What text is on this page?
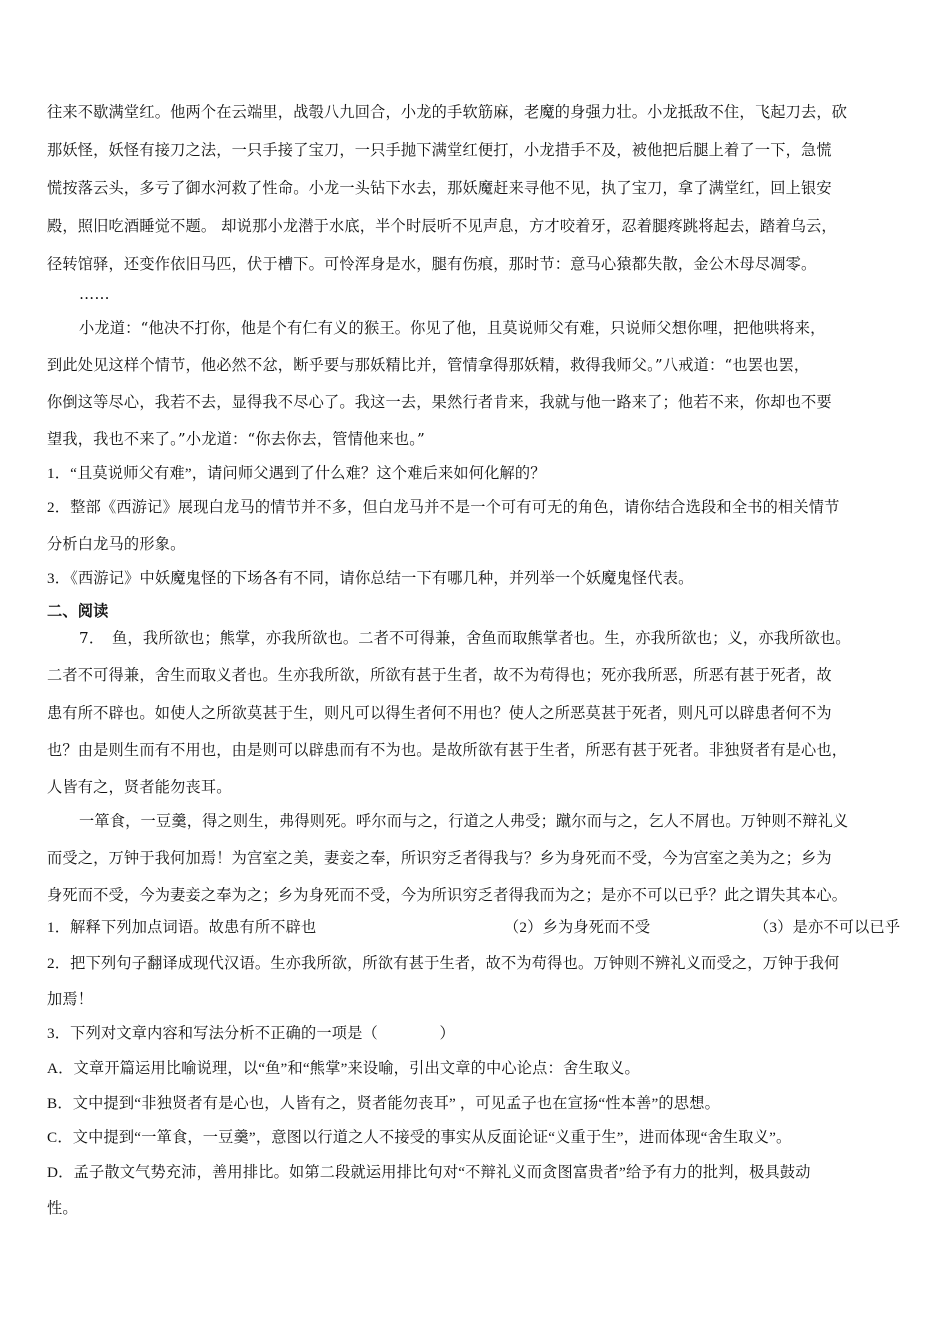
往来不歇满堂红。他两个在云端里，战彀八九回合，小龙的手软筋麻，老魔的身强力壮。小龙抵敌不住，飞起刀去，砍

那妖怪，妖怪有接刀之法，一只手接了宝刀，一只手抛下满堂红便打，小龙措手不及，被他把后腿上着了一下，急慌

慌按落云头，多亏了御水河救了性命。小龙一头钻下水去，那妖魔赶来寻他不见，执了宝刀，拿了满堂红，回上银安

殿，照旧吃酒睡觉不题。 却说那小龙潜于水底，半个时辰听不见声息，方才咬着牙，忍着腿疼跳将起去，踏着乌云，

径转馆驿，还变作依旧马匹，伏于槽下。可怜浑身是水，腿有伤痕，那时节：意马心猿都失散，金公木母尽凋零。

……

小龙道：“他决不打你，他是个有仁有义的猴王。你见了他，且莫说师父有难，只说师父想你哩，把他哄将来，

到此处见这样个情节，他必然不忿，断乎要与那妖精比并，管情拿得那妖精，救得我师父。”八戒道：“也罢也罢，

你倒这等尽心，我若不去，显得我不尽心了。我这一去，果然行者肯来，我就与他一路来了；他若不来，你却也不要

望我，我也不来了。”小龙道：“你去你去，管情他来也。”

1．“且莫说师父有难”，请问师父遇到了什么难？这个难后来如何化解的？

2．整部《西游记》展现白龙马的情节并不多，但白龙马并不是一个可有可无的角色，请你结合选段和全书的相关情节

分析白龙马的形象。

3．《西游记》中妖魔鬼怪的下场各有不同，请你总结一下有哪几种，并列举一个妖魔鬼怪代表。

二、阅读

7．　鱼，我所欲也；熊掌，亦我所欲也。二者不可得兼，舍鱼而取熊掌者也。生，亦我所欲也；义，亦我所欲也。

二者不可得兼，舍生而取义者也。生亦我所欲，所欲有甚于生者，故不为苟得也；死亦我所恶，所恶有甚于死者，故

患有所不辟也。如使人之所欲莫甚于生，则凡可以得生者何不用也？使人之所恶莫甚于死者，则凡可以辟患者何不为

也？由是则生而有不用也，由是则可以辟患而有不为也。是故所欲有甚于生者，所恶有甚于死者。非独贤者有是心也，

人皆有之，贤者能勿丧耳。

一箪食，一豆羹，得之则生，弗得则死。呼尔而与之，行道之人弗受；蹴尔而与之，乞人不屑也。万钟则不辩礼义

而受之，万钟于我何加焉！为宫室之美，妻妾之奉，所识穷乏者得我与？乡为身死而不受，今为宫室之美为之；乡为

身死而不受，今为妻妾之奉为之；乡为身死而不受，今为所识穷乏者得我而为之；是亦不可以已乎？此之谓失其本心。

1．解释下列加点词语。故患有所不辟也	（2）乡为身死而不受	（3）是亦不可以已乎

2．把下列句子翻译成现代汉语。生亦我所欲，所欲有甚于生者，故不为苟得也。万钟则不辨礼义而受之，万钟于我何

加焉！

3．下列对文章内容和写法分析不正确的一项是（　　　　）

A．文章开篇运用比喻说理，以“鱼”和“熊掌”来设喻，引出文章的中心论点：舍生取义。

B．文中提到“非独贤者有是心也，人皆有之，贤者能勿丧耳” ，可见孟子也在宣扬“性本善”的思想。

C．文中提到“一箪食，一豆羹”，意图以行道之人不接受的事实从反面论证“义重于生”，进而体现“舍生取义”。

D．孟子散文气势充沛，善用排比。如第二段就运用排比句对“不辩礼义而贪图富贵者”给予有力的批判，极具鼓动

性。
